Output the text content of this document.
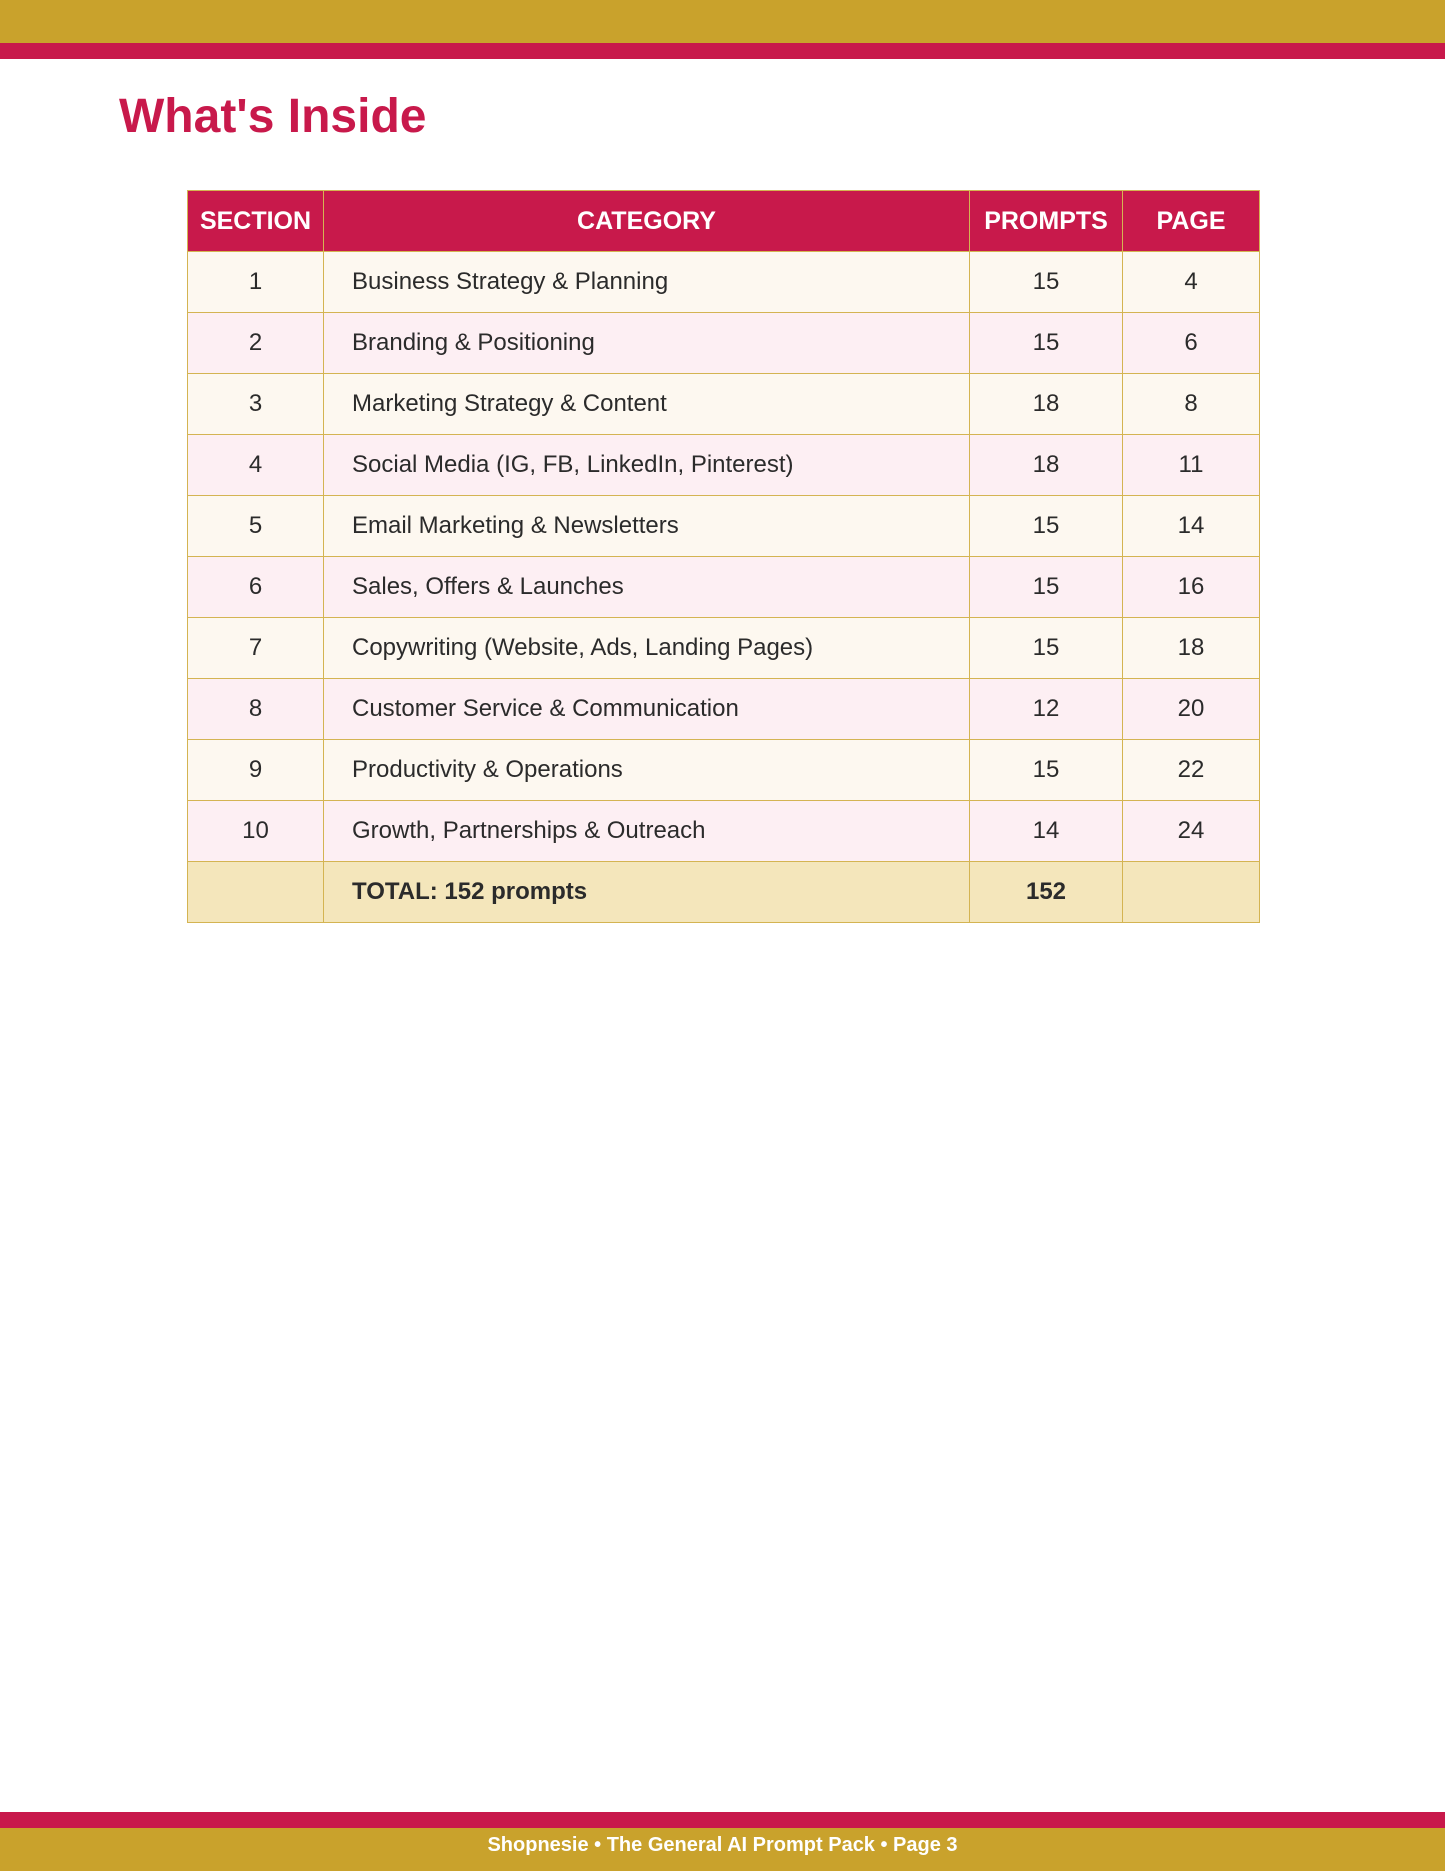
What's Inside
SECTION	CATEGORY	PROMPTS	PAGE
1	Business Strategy & Planning	15	4
2	Branding & Positioning	15	6
3	Marketing Strategy & Content	18	8
4	Social Media (IG, FB, LinkedIn, Pinterest)	18	11
5	Email Marketing & Newsletters	15	14
6	Sales, Offers & Launches	15	16
7	Copywriting (Website, Ads, Landing Pages)	15	18
8	Customer Service & Communication	12	20
9	Productivity & Operations	15	22
10	Growth, Partnerships & Outreach	14	24
	TOTAL: 152 prompts	152	
Shopnesie • The General AI Prompt Pack • Page 3
